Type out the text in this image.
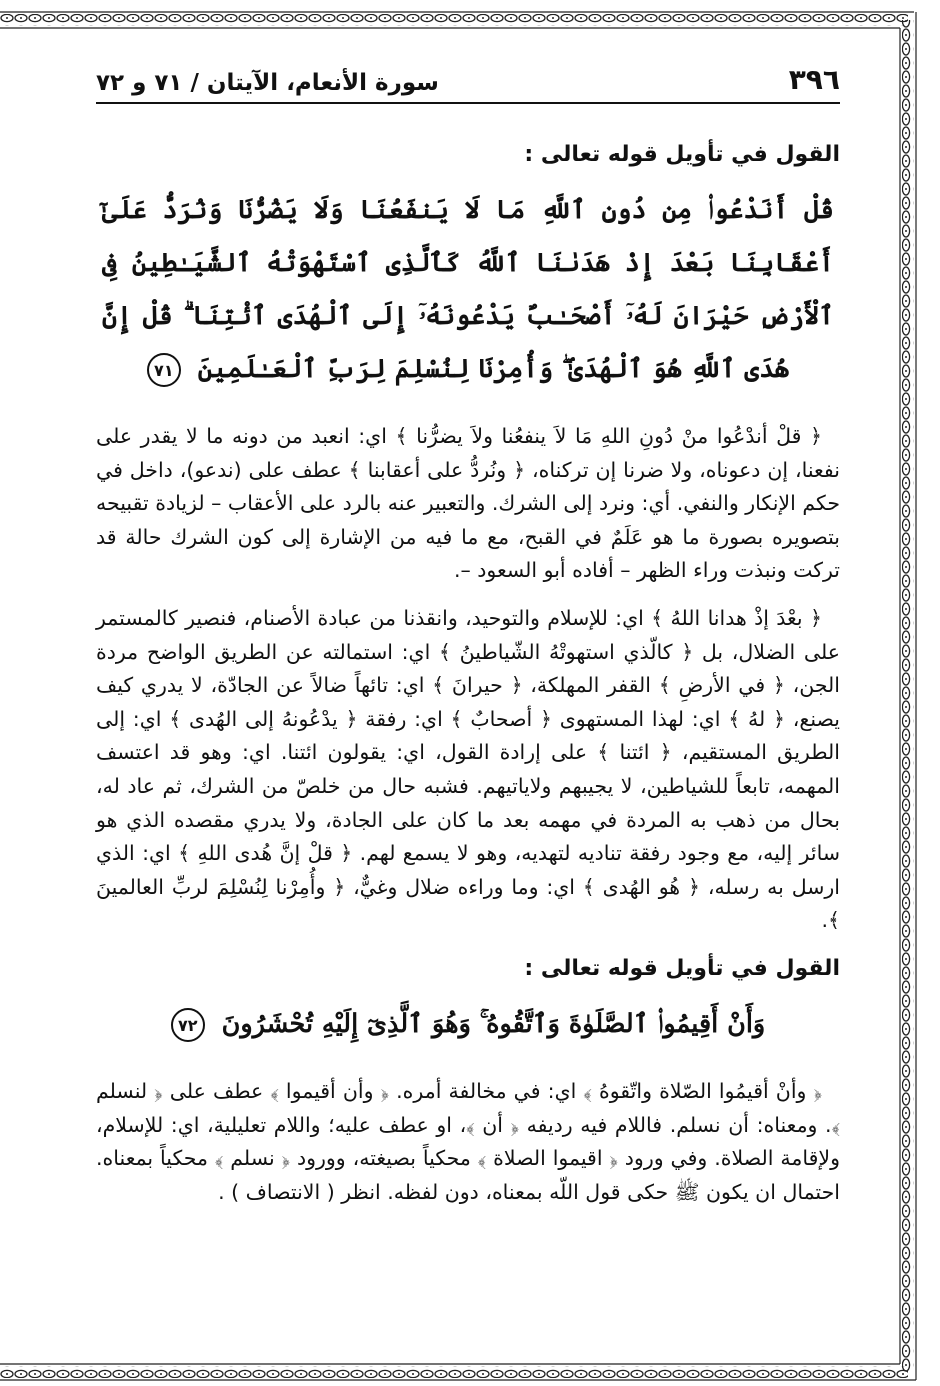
٣٩٦
سورة الأنعام، الآيتان / ٧١ و ٧٢
القول في تأويل قوله تعالى :
قُلْ أَنَدْعُوا۟ مِن دُونِ ٱللَّهِ مَا لَا يَنفَعُنَا وَلَا يَضُرُّنَا وَنُرَدُّ عَلَىٰٓ أَعْقَابِنَا بَعْدَ إِذْ هَدَىٰنَا ٱللَّهُ كَٱلَّذِى ٱسْتَهْوَتْهُ ٱلشَّيَـٰطِينُ فِى ٱلْأَرْضِ حَيْرَانَ لَهُۥٓ أَصْحَـٰبٌ يَدْعُونَهُۥٓ إِلَى ٱلْهُدَى ٱئْتِنَا ۗ قُلْ إِنَّ هُدَى ٱللَّهِ هُوَ ٱلْهُدَىٰ ۖ وَأُمِرْنَا لِنُسْلِمَ لِرَبِّ ٱلْعَـٰلَمِينَ ٧١

﴿ قلْ أندْعُوا منْ دُونِ اللهِ مَا لاَ ينفعُنا ولاَ يضرُّنا ﴾ اي: انعبد من دونه ما لا يقدر على نفعنا، إن دعوناه، ولا ضرنا إن تركناه، ﴿ ونُردُّ على أعقابنا ﴾ عطف على (ندعو)، داخل في حكم الإنكار والنفي. أي: ونرد إلى الشرك. والتعبير عنه بالرد على الأعقاب – لزيادة تقبيحه بتصويره بصورة ما هو عَلَمٌ في القبح، مع ما فيه من الإشارة إلى كون الشرك حالة قد تركت ونبذت وراء الظهر – أفاده أبو السعود –.

﴿ بعْدَ إذْ هدانا اللهُ ﴾ اي: للإسلام والتوحيد، وانقذنا من عبادة الأصنام، فنصير كالمستمر على الضلال، بل ﴿ كالّذي استهوتْهُ الشّياطينُ ﴾ اي: استمالته عن الطريق الواضح مردة الجن، ﴿ في الأرضِ ﴾ القفر المهلكة، ﴿ حيرانَ ﴾ اي: تائهاً ضالاً عن الجادّة، لا يدري كيف يصنع، ﴿ لهُ ﴾ اي: لهذا المستهوى ﴿ أصحابٌ ﴾ اي: رفقة ﴿ يدْعُونهُ إلى الهُدى ﴾ اي: إلى الطريق المستقيم، ﴿ ائتنا ﴾ على إرادة القول، اي: يقولون ائتنا. اي: وهو قد اعتسف المهمه، تابعاً للشياطين، لا يجيبهم ولاياتيهم. فشبه حال من خلصّ من الشرك، ثم عاد له، بحال من ذهب به المردة في مهمه بعد ما كان على الجادة، ولا يدري مقصده الذي هو سائر إليه، مع وجود رفقة تناديه لتهديه، وهو لا يسمع لهم. ﴿ قلْ إنَّ هُدى اللهِ ﴾ اي: الذي ارسل به رسله، ﴿ هُو الهُدى ﴾ اي: وما وراءه ضلال وغيٌّ، ﴿ وأُمِرْنا لِنُسْلِمَ لربِّ العالمينَ ﴾.

القول في تأويل قوله تعالى :
وَأَنْ أَقِيمُوا۟ ٱلصَّلَوٰةَ وَٱتَّقُوهُ ۚ وَهُوَ ٱلَّذِىٓ إِلَيْهِ تُحْشَرُونَ ٧٢

﴿ وأنْ أقيمُوا الصّلاة واتّقوهُ ﴾ اي: في مخالفة أمره. ﴿ وأن أقيموا ﴾ عطف على ﴿ لنسلم ﴾. ومعناه: أن نسلم. فاللام فيه رديفه ﴿ أن ﴾، او عطف عليه؛ واللام تعليلية، اي: للإسلام، ولإقامة الصلاة. وفي ورود ﴿ اقيموا الصلاة ﴾ محكياً بصيغته، وورود ﴿ نسلم ﴾ محكياً بمعناه. احتمال ان يكون ﷺ حكى قول اللّه بمعناه، دون لفظه. انظر ( الانتصاف ) .
